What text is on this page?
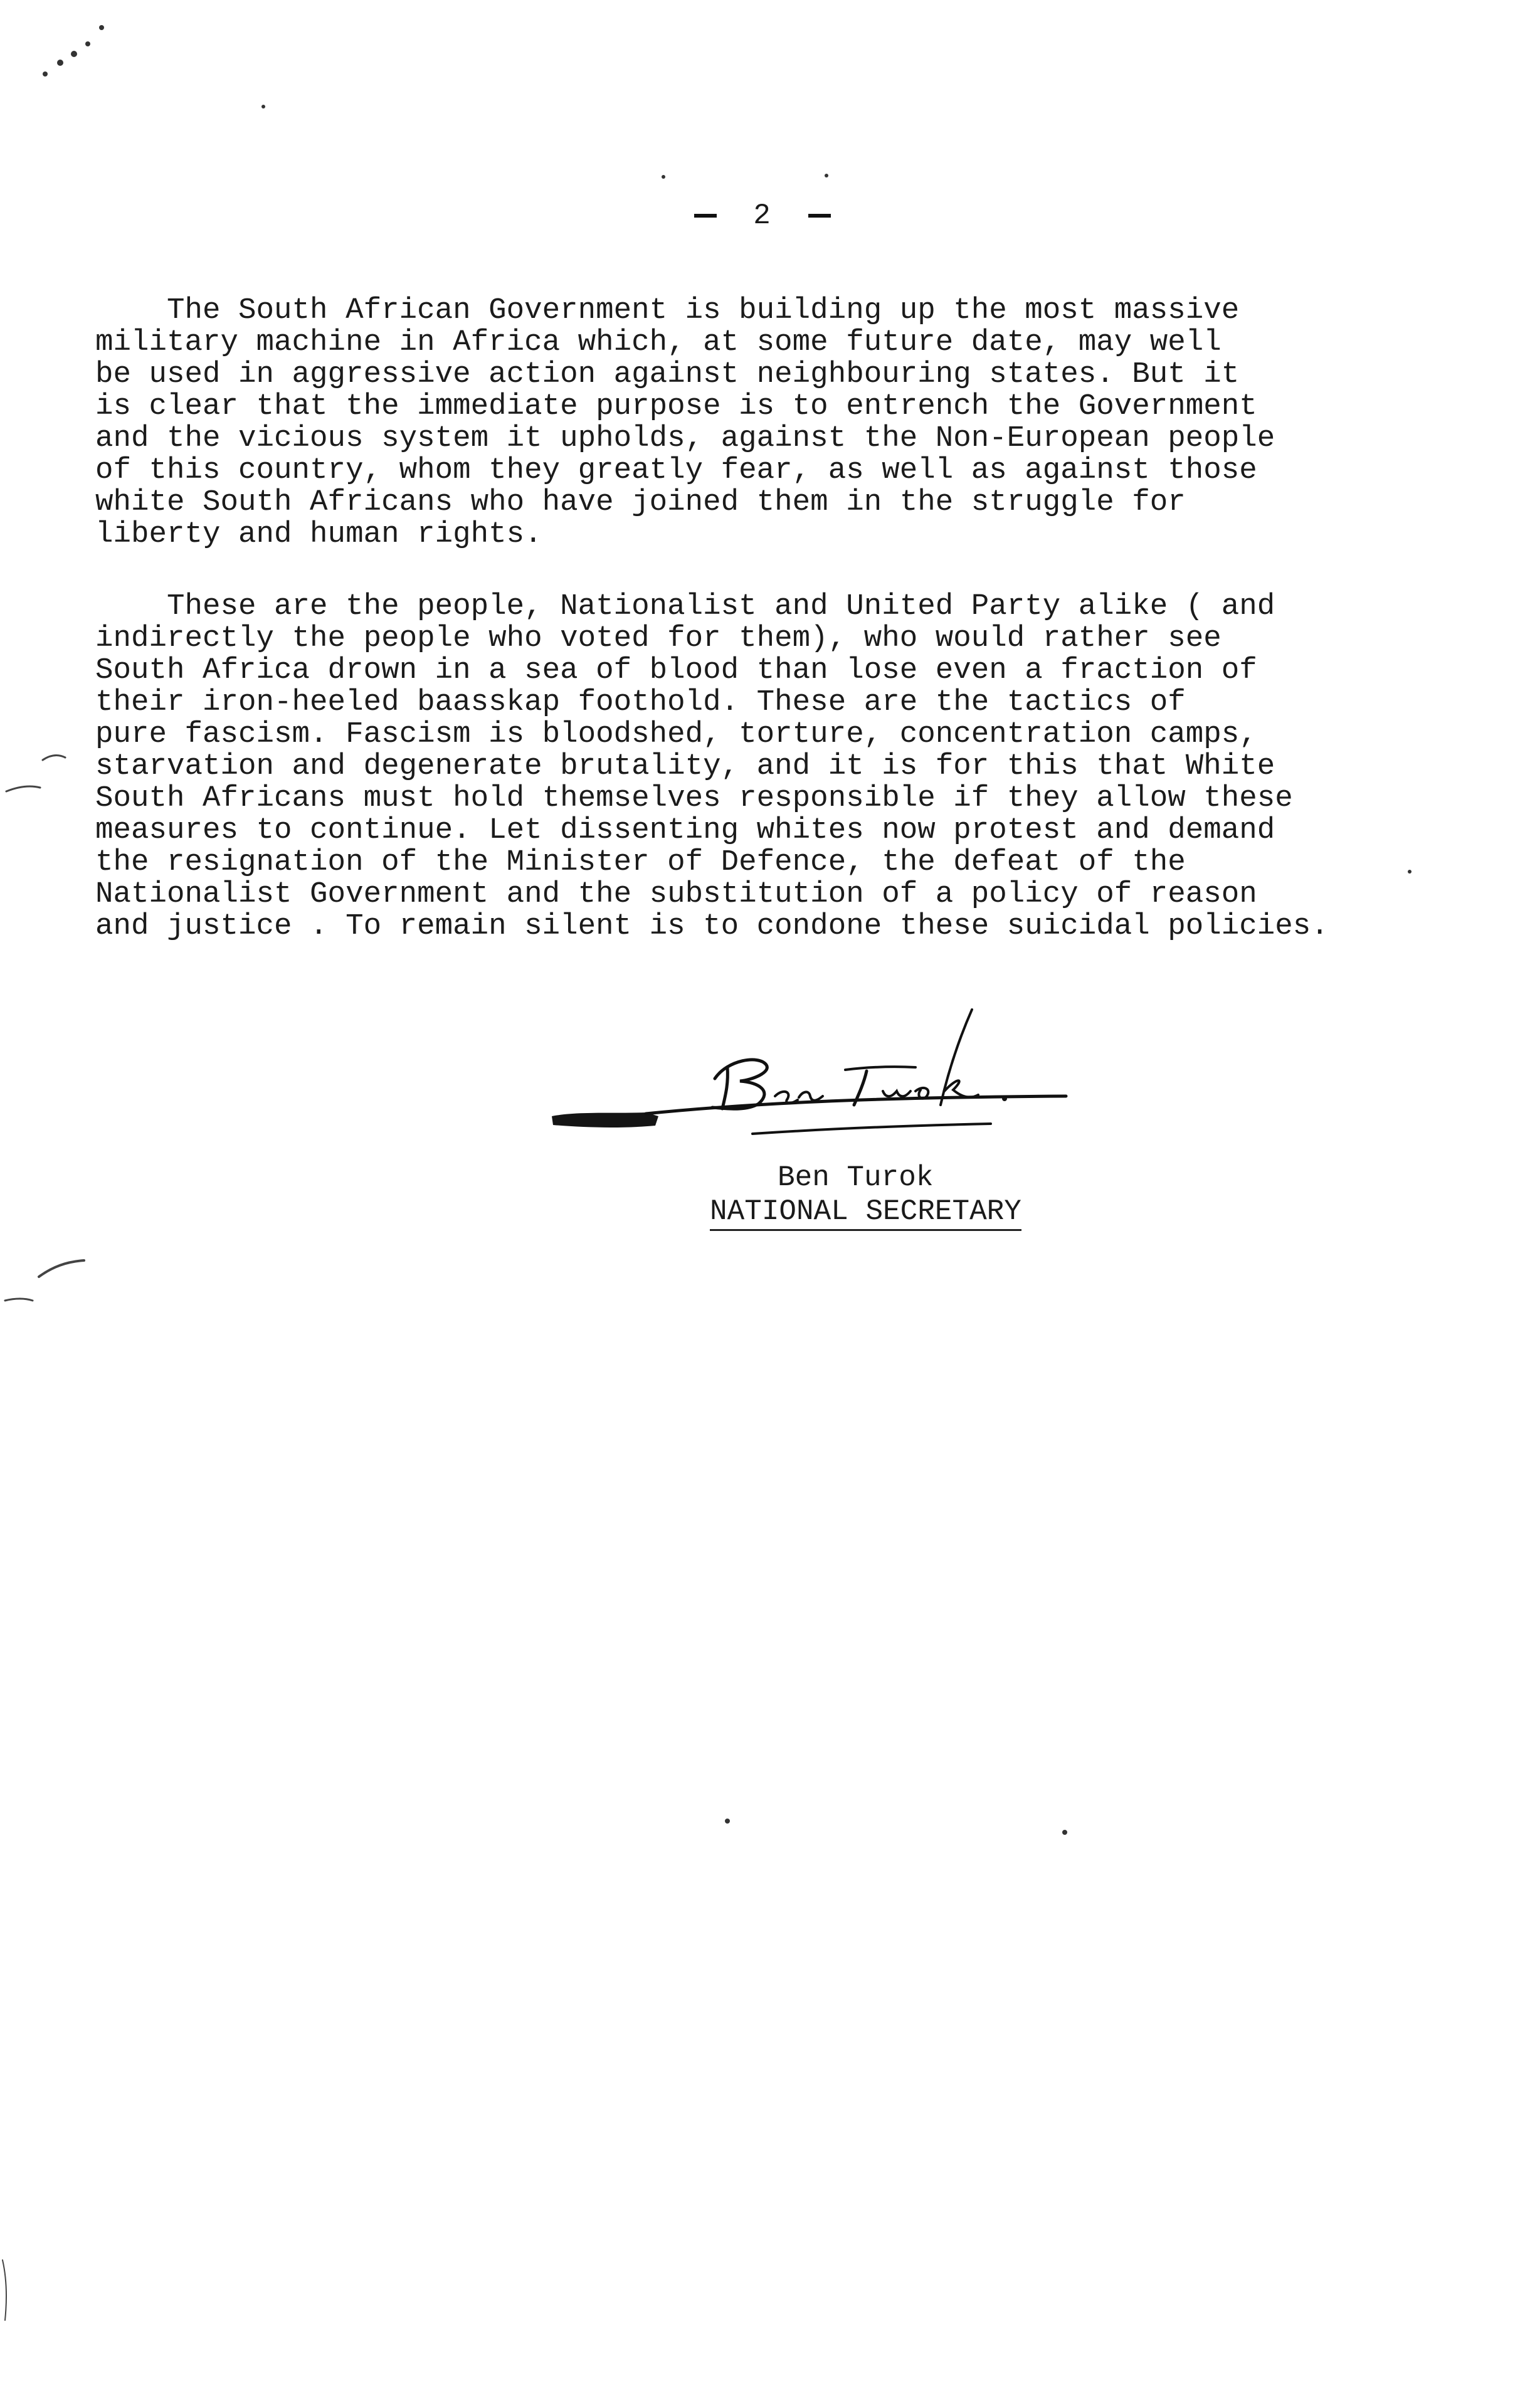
2
The South African Government is building up the most massive
military machine in Africa which, at some future date, may well
be used in aggressive action against neighbouring states. But it
is clear that the immediate purpose is to entrench the Government
and the vicious system it upholds, against the Non-European people
of this country, whom they greatly fear, as well as against those
white South Africans who have joined them in the struggle for
liberty and human rights.
These are the people, Nationalist and United Party alike ( and
indirectly the people who voted for them), who would rather see
South Africa drown in a sea of blood than lose even a fraction of
their iron-heeled baasskap foothold. These are the tactics of
pure fascism. Fascism is bloodshed, torture, concentration camps,
starvation and degenerate brutality, and it is for this that White
South Africans must hold themselves responsible if they allow these
measures to continue. Let dissenting whites now protest and demand
the resignation of the Minister of Defence, the defeat of the
Nationalist Government and the substitution of a policy of reason
and justice . To remain silent is to condone these suicidal policies.
Ben Turok
NATIONAL SECRETARY
